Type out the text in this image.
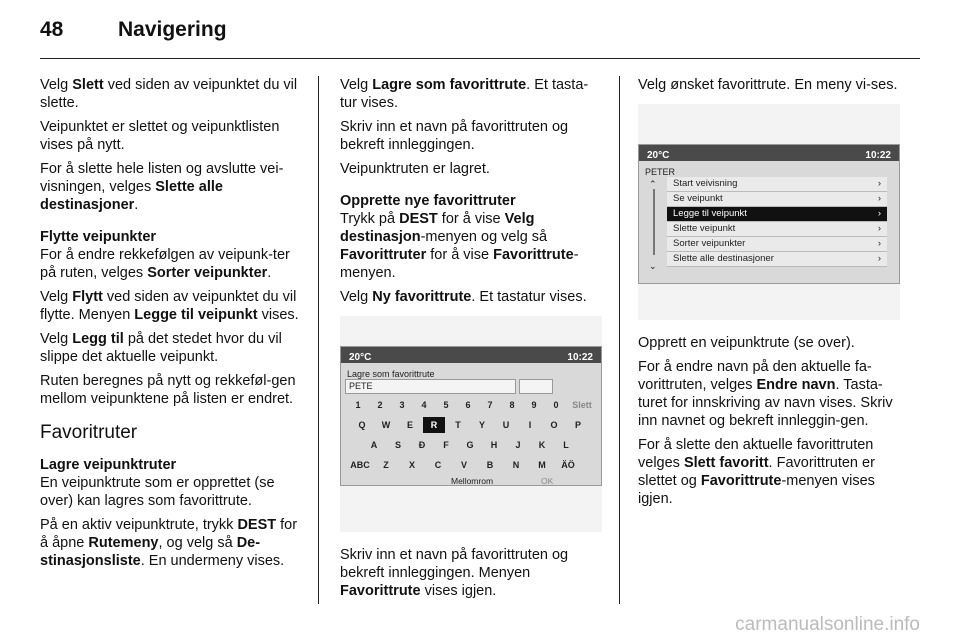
48	Navigering

Velg Slett ved siden av veipunktet du vil slette.

Veipunktet er slettet og veipunktlisten vises på nytt.

For å slette hele listen og avslutte vei-visningen, velges Slette alle destinasjoner.

Flytte veipunkter

For å endre rekkefølgen av veipunk-ter på ruten, velges Sorter veipunkter.

Velg Flytt ved siden av veipunktet du vil flytte. Menyen Legge til veipunkt vises.

Velg Legg til på det stedet hvor du vil slippe det aktuelle veipunkt.

Ruten beregnes på nytt og rekkeføl-gen mellom veipunktene på listen er endret.

Favoritruter

Lagre veipunktruter

En veipunktrute som er opprettet (se over) kan lagres som favorittrute.

På en aktiv veipunktrute, trykk DEST for å åpne Rutemeny, og velg så De-stinasjonsliste. En undermeny vises.

Velg Lagre som favorittrute. Et tasta-tur vises.

Skriv inn et navn på favorittruten og bekreft innleggingen.

Veipunktruten er lagret.

Opprette nye favorittruter

Trykk på DEST for å vise Velg destinasjon-menyen og velg så Favorittruter for å vise Favorittrute-menyen.

Velg Ny favorittrute. Et tastatur vises.

20°C	10:22
Lagre som favorittrute
PETE
1	2	3	4	5	6	7	8	9	0	Slett
Q	W	E	R	T	Y	U	I	O	P
A	S	Đ	F	G	H	J	K	L
ABC	Z	X	C	V	B	N	M	ÄÖ
Mellomrom	OK

Skriv inn et navn på favorittruten og bekreft innleggingen. Menyen Favorittrute vises igjen.

Velg ønsket favorittrute. En meny vi-ses.

20°C	10:22
PETER
⌃
⌄
Start veivisning	›
Se veipunkt	›
Legge til veipunkt	›
Slette veipunkt	›
Sorter veipunkter	›
Slette alle destinasjoner	›

Opprett en veipunktrute (se over).

For å endre navn på den aktuelle fa-vorittruten, velges Endre navn. Tasta-turet for innskriving av navn vises. Skriv inn navnet og bekreft innleggin-gen.

For å slette den aktuelle favorittruten velges Slett favoritt. Favorittruten er slettet og Favorittrute-menyen vises igjen.

carmanualsonline.info
